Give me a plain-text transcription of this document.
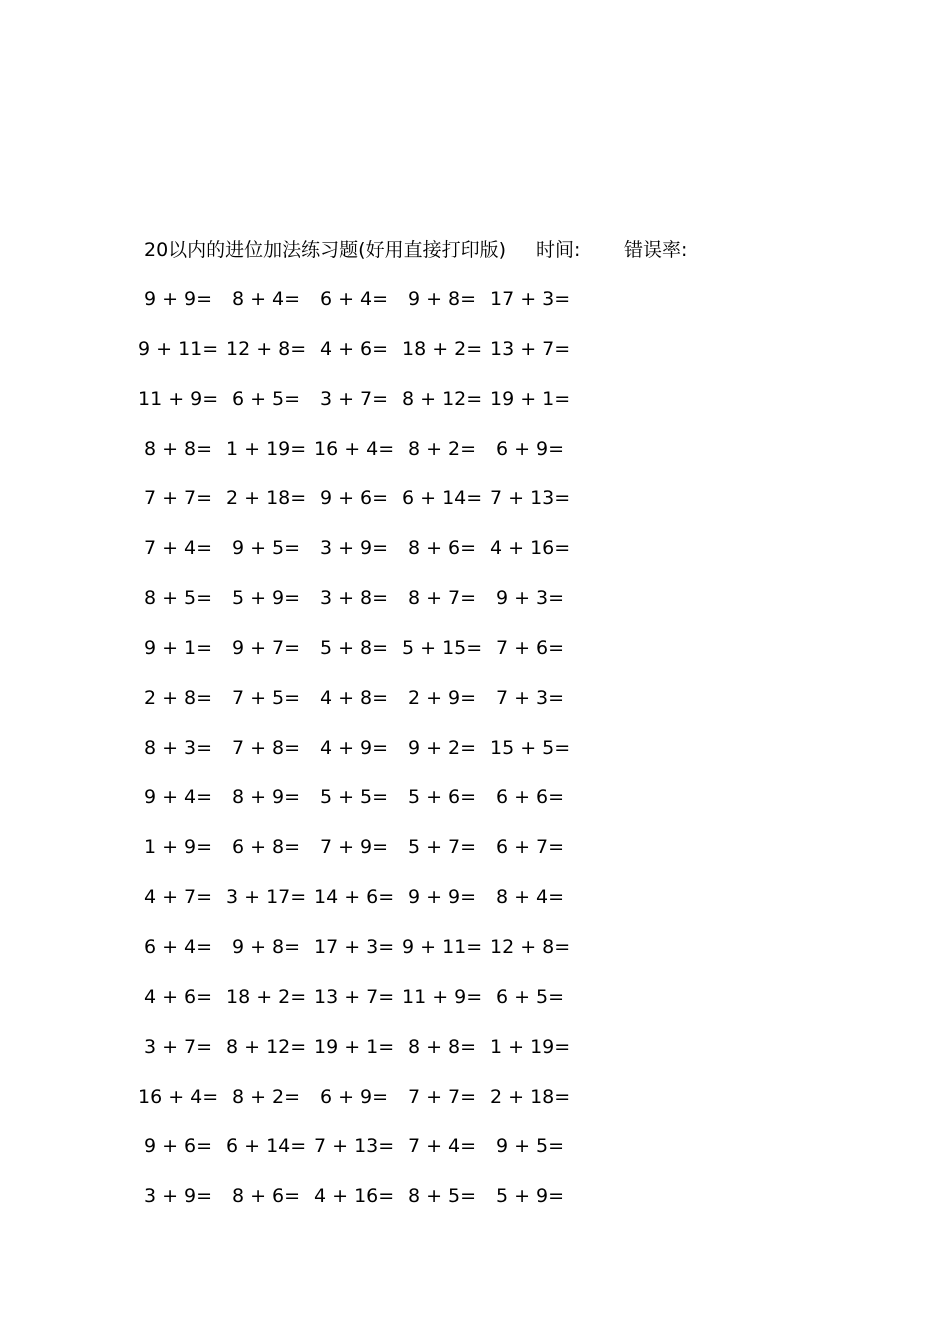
20以内的进位加法练习题(好用直接打印版) 时间: 错误率:
9 + 9=	8 + 4=	6 + 4=	9 + 8= 17 + 3=
9 + 11= 12 + 8= 4 + 6= 18 + 2= 13 + 7=
11 + 9= 6 + 5=	3 + 7= 8 + 12= 19 + 1=
8 + 8= 1 + 19= 16 + 4= 8 + 2=	6 + 9=
7 + 7= 2 + 18= 9 + 6= 6 + 14= 7 + 13=
7 + 4=	9 + 5=	3 + 9=	8 + 6= 4 + 16=
8 + 5=	5 + 9=	3 + 8=	8 + 7=	9 + 3=
9 + 1=	9 + 7=	5 + 8= 5 + 15= 7 + 6=
2 + 8=	7 + 5=	4 + 8=	2 + 9=	7 + 3=
8 + 3=	7 + 8=	4 + 9=	9 + 2= 15 + 5=
9 + 4=	8 + 9=	5 + 5=	5 + 6=	6 + 6=
1 + 9=	6 + 8=	7 + 9=	5 + 7=	6 + 7=
4 + 7= 3 + 17= 14 + 6= 9 + 9=	8 + 4=
6 + 4=	9 + 8= 17 + 3= 9 + 11= 12 + 8=
4 + 6= 18 + 2= 13 + 7= 11 + 9= 6 + 5=
3 + 7= 8 + 12= 19 + 1= 8 + 8= 1 + 19=
16 + 4= 8 + 2=	6 + 9=	7 + 7= 2 + 18=
9 + 6= 6 + 14= 7 + 13= 7 + 4=	9 + 5=
3 + 9=	8 + 6= 4 + 16= 8 + 5=	5 + 9=
